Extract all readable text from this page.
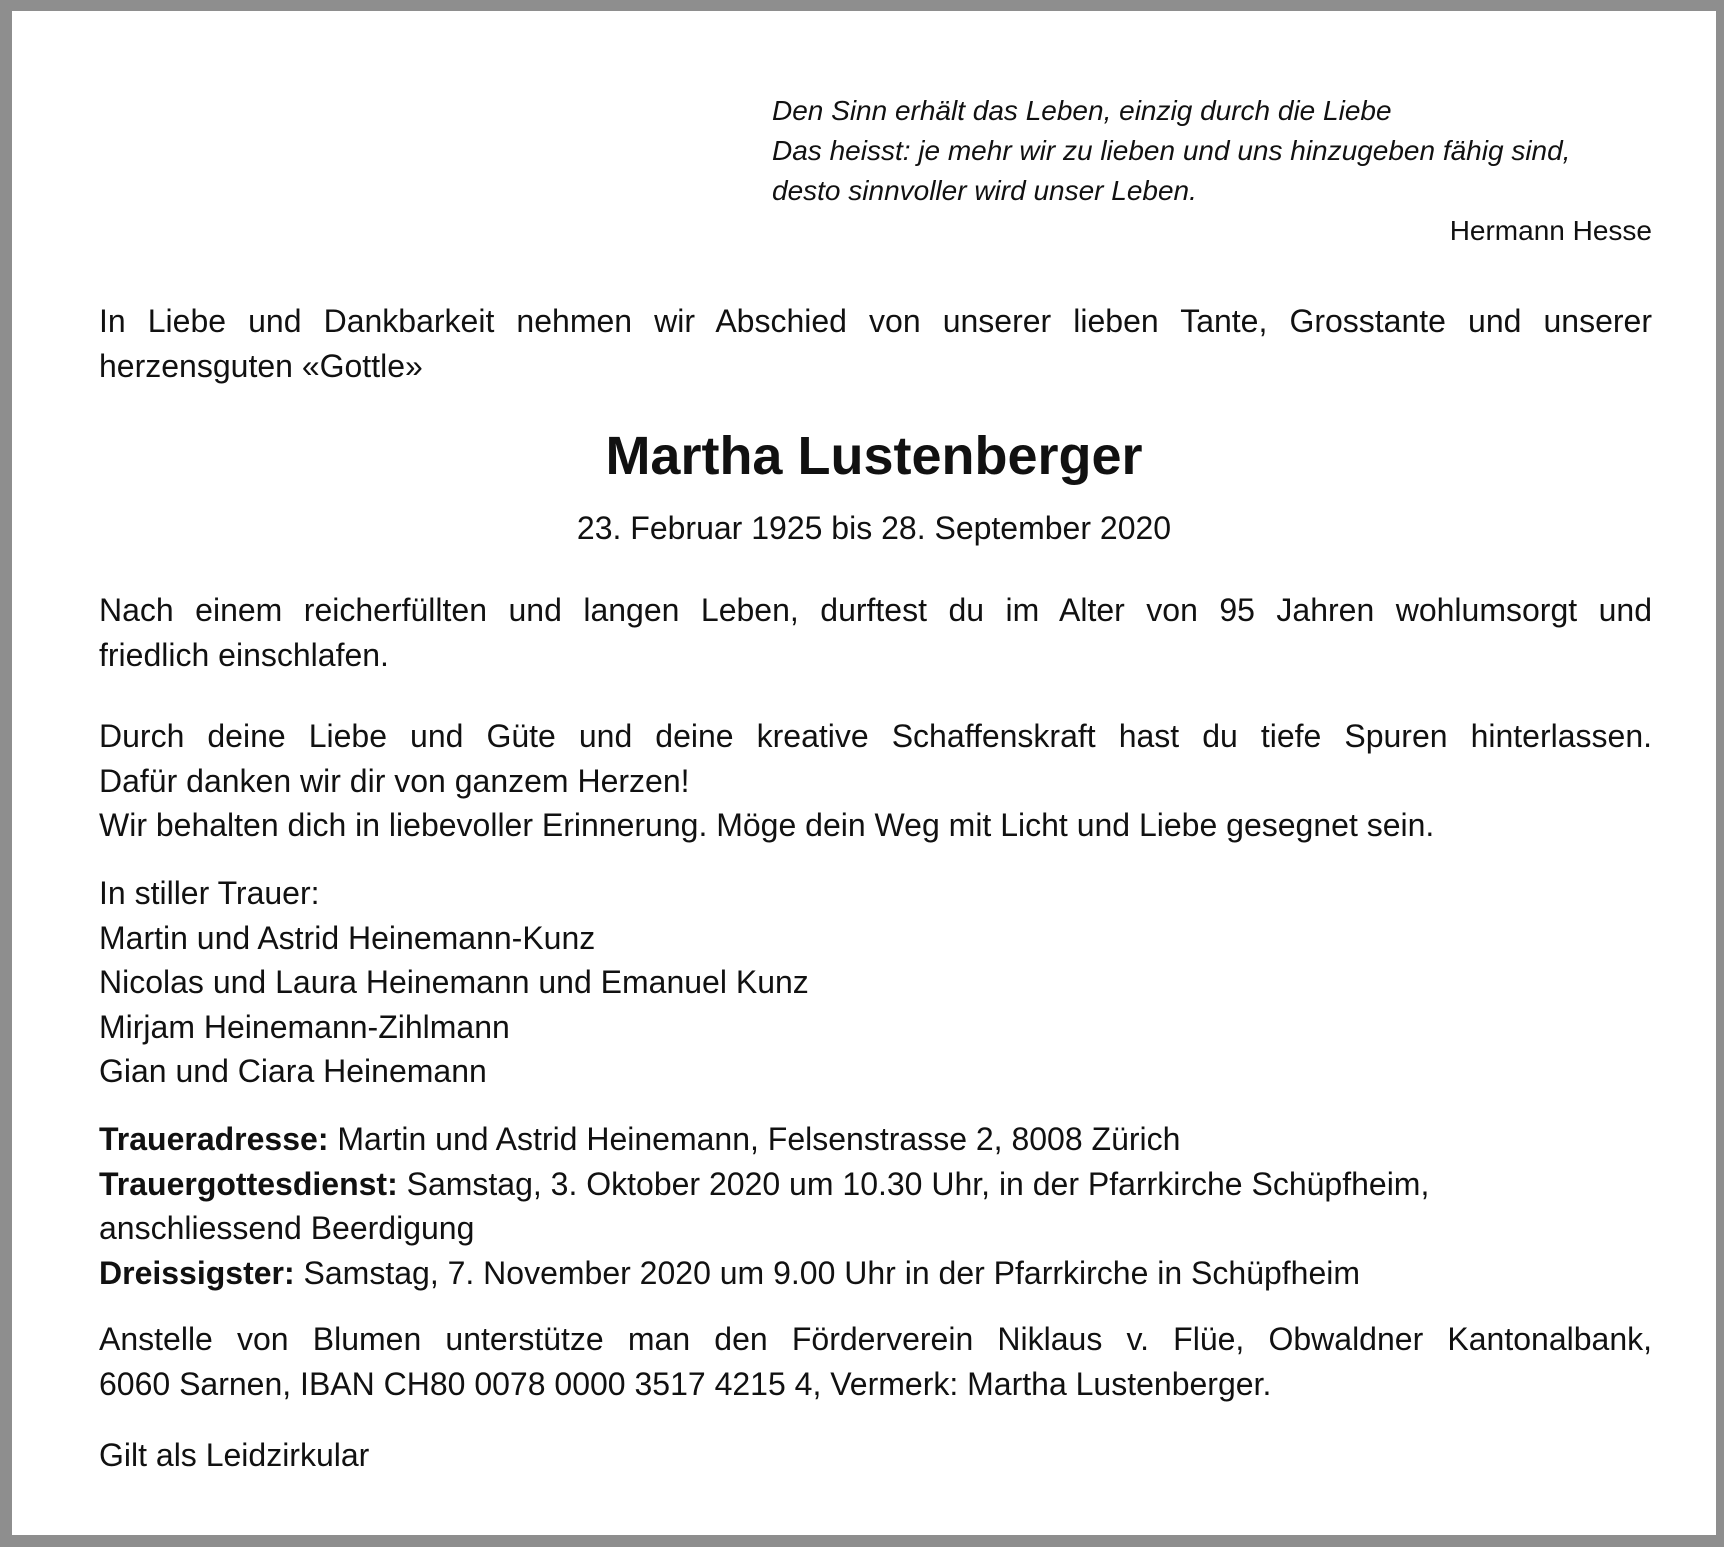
Den Sinn erhält das Leben, einzig durch die Liebe
Das heisst: je mehr wir zu lieben und uns hinzugeben fähig sind,
desto sinnvoller wird unser Leben.
Hermann Hesse
In Liebe und Dankbarkeit nehmen wir Abschied von unserer lieben Tante, Grosstante und unserer
herzensguten «Gottle»
Martha Lustenberger
23. Februar 1925 bis 28. September 2020
Nach einem reicherfüllten und langen Leben, durftest du im Alter von 95 Jahren wohlumsorgt und
friedlich einschlafen.
Durch deine Liebe und Güte und deine kreative Schaffenskraft hast du tiefe Spuren hinterlassen.
Dafür danken wir dir von ganzem Herzen!
Wir behalten dich in liebevoller Erinnerung. Möge dein Weg mit Licht und Liebe gesegnet sein.
In stiller Trauer:
Martin und Astrid Heinemann-Kunz
Nicolas und Laura Heinemann und Emanuel Kunz
Mirjam Heinemann-Zihlmann
Gian und Ciara Heinemann
Traueradresse: Martin und Astrid Heinemann, Felsenstrasse 2, 8008 Zürich
Trauergottesdienst: Samstag, 3. Oktober 2020 um 10.30 Uhr, in der Pfarrkirche Schüpfheim,
anschliessend Beerdigung
Dreissigster: Samstag, 7. November 2020 um 9.00 Uhr in der Pfarrkirche in Schüpfheim
Anstelle von Blumen unterstütze man den Förderverein Niklaus v. Flüe, Obwaldner Kantonalbank,
6060 Sarnen, IBAN CH80 0078 0000 3517 4215 4, Vermerk: Martha Lustenberger.
Gilt als Leidzirkular
